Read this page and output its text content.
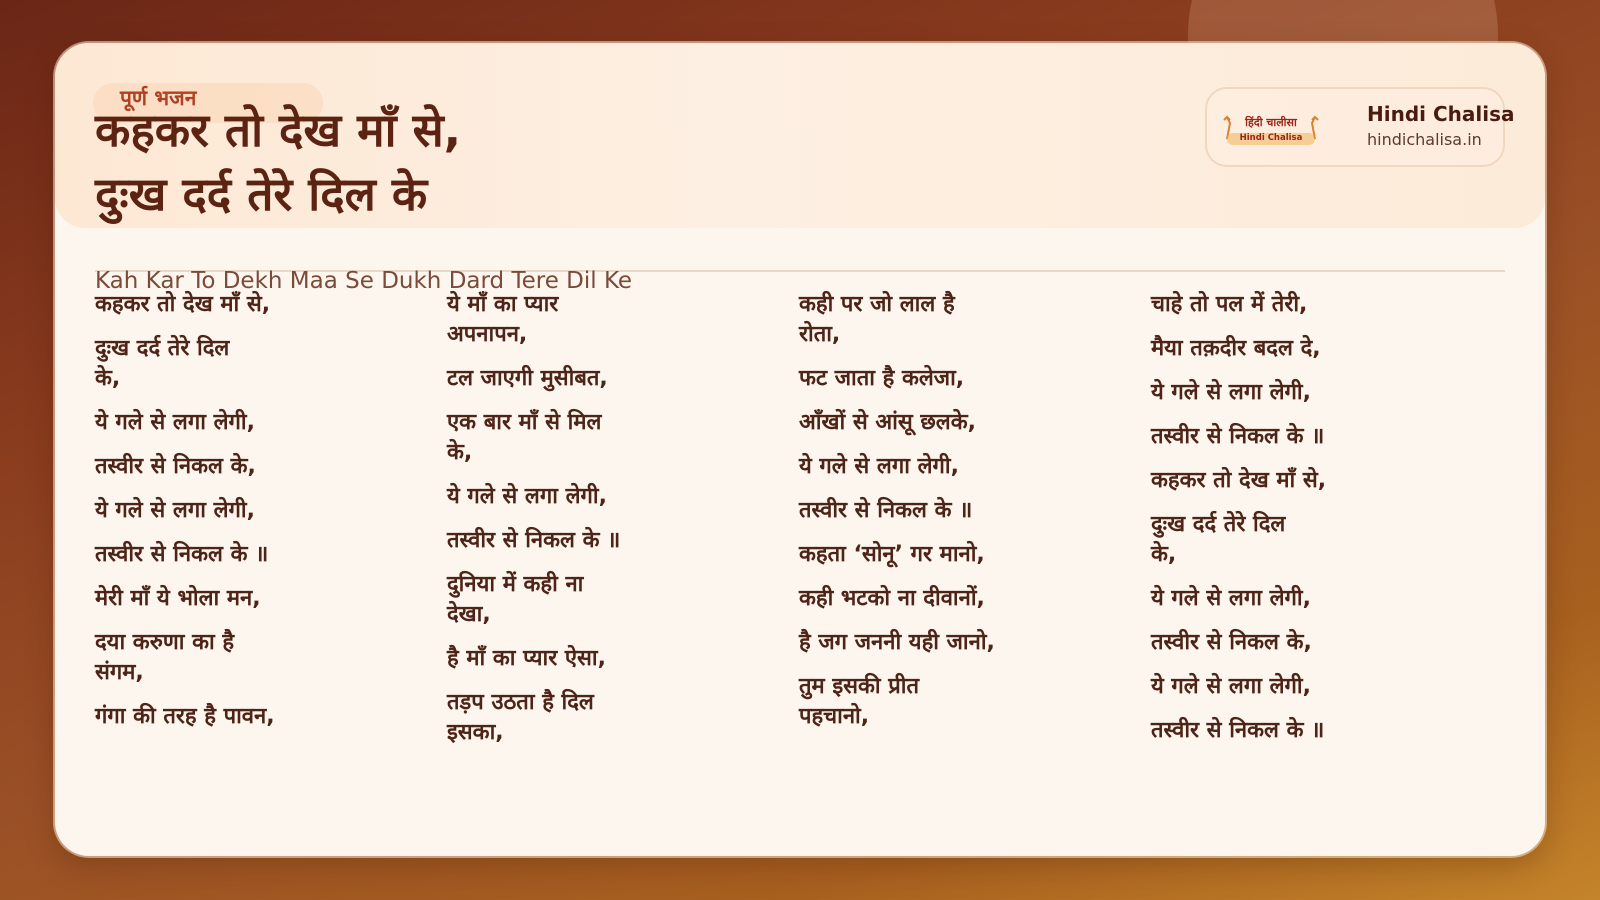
पूर्ण भजन
कहकर तो देख माँ से,
दुःख दर्द तेरे दिल के
हिंदी चालीसा
Hindi Chalisa
Hindi Chalisa
hindichalisa.in
Kah Kar To Dekh Maa Se Dukh Dard Tere Dil Ke
कहकर तो देख माँ से,
दुःख दर्द तेरे दिल
के,
ये गले से लगा लेगी,
तस्वीर से निकल के,
ये गले से लगा लेगी,
तस्वीर से निकल के ॥
मेरी माँ ये भोला मन,
दया करुणा का है
संगम,
गंगा की तरह है पावन,
ये माँ का प्यार
अपनापन,
टल जाएगी मुसीबत,
एक बार माँ से मिल
के,
ये गले से लगा लेगी,
तस्वीर से निकल के ॥
दुनिया में कही ना
देखा,
है माँ का प्यार ऐसा,
तड़प उठता है दिल
इसका,
कही पर जो लाल है
रोता,
फट जाता है कलेजा,
आँखों से आंसू छलके,
ये गले से लगा लेगी,
तस्वीर से निकल के ॥
कहता ‘सोनू’ गर मानो,
कही भटको ना दीवानों,
है जग जननी यही जानो,
तुम इसकी प्रीत
पहचानो,
चाहे तो पल में तेरी,
मैया तक़दीर बदल दे,
ये गले से लगा लेगी,
तस्वीर से निकल के ॥
कहकर तो देख माँ से,
दुःख दर्द तेरे दिल
के,
ये गले से लगा लेगी,
तस्वीर से निकल के,
ये गले से लगा लेगी,
तस्वीर से निकल के ॥
